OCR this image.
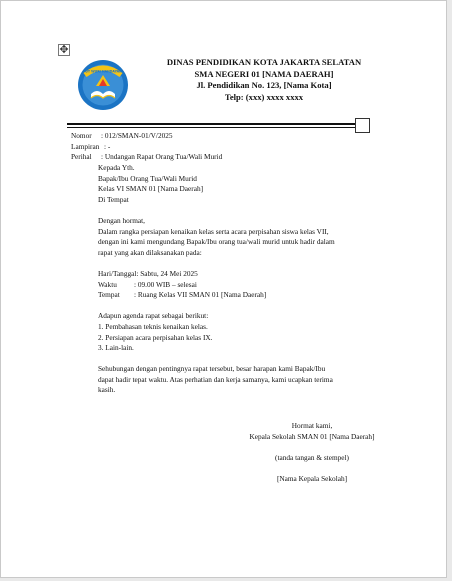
✥
TUT WURI HANDAYANI
DINAS PENDIDIKAN KOTA JAKARTA SELATAN
SMA NEGERI 01 [NAMA DAERAH]
Jl. Pendidikan No. 123, [Nama Kota]
Telp: (xxx) xxxx xxxx
Nomor	: 012/SMAN-01/V/2025
Lampiran : -
Perihal	: Undangan Rapat Orang Tua/Wali Murid

Kepada Yth.

Bapak/Ibu Orang Tua/Wali Murid

Kelas VI SMAN 01 [Nama Daerah]

Di Tempat

Dengan hormat,

Dalam rangka persiapan kenaikan kelas serta acara perpisahan siswa kelas VII,

dengan ini kami mengundang Bapak/Ibu orang tua/wali murid untuk hadir dalam

rapat yang akan dilaksanakan pada:

Hari/Tanggal : Sabtu, 24 Mei 2025
Waktu	: 09.00 WIB – selesai
Tempat	: Ruang Kelas VII SMAN 01 [Nama Daerah]

Adapun agenda rapat sebagai berikut:

1. Pembahasan teknis kenaikan kelas.

2. Persiapan acara perpisahan kelas IX.

3. Lain-lain.

Sehubungan dengan pentingnya rapat tersebut, besar harapan kami Bapak/Ibu

dapat hadir tepat waktu. Atas perhatian dan kerja samanya, kami ucapkan terima

kasih.

Hormat kami,
Kepala Sekolah SMAN 01 [Nama Daerah]
(tanda tangan & stempel)
[Nama Kepala Sekolah]
